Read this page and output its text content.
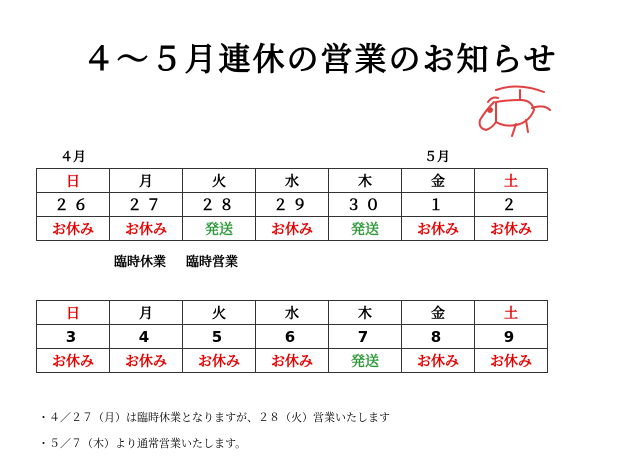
４～５月連休の営業のお知らせ
４月	５月
日	月	火	水	木	金	土
２６	２７	２８	２９	３０	１	２
お休み	お休み	発送	お休み	発送	お休み	お休み
臨時休業 臨時営業
日	月	火	水	木	金	土
3	4	5	6	7	8	9
お休み	お休み	お休み	お休み	発送	お休み	お休み
・４／２７（月）は臨時休業となりますが、２８（火）営業いたします
・５／７（木）より通常営業いたします。
